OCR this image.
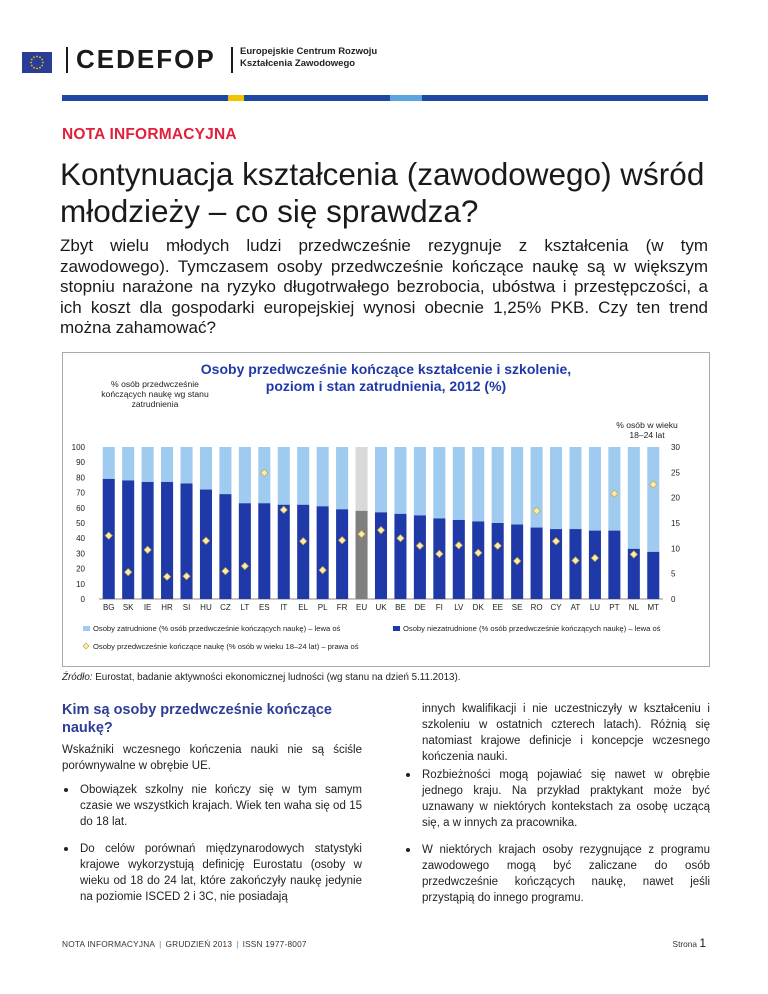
CEDEFOP	Europejskie Centrum Rozwoju
Kształcenia Zawodowego
NOTA INFORMACYJNA
Kontynuacja kształcenia (zawodowego) wśród młodzieży – co się sprawdza?
Zbyt wielu młodych ludzi przedwcześnie rezygnuje z kształcenia (w tym zawodowego). Tymczasem osoby przedwcześnie kończące naukę są w większym stopniu narażone na ryzyko długotrwałego bezrobocia, ubóstwa i przestępczości, a ich koszt dla gospodarki europejskiej wynosi obecnie 1,25% PKB. Czy ten trend można zahamować?
Osoby przedwcześnie kończące kształcenie i szkolenie,
poziom i stan zatrudnienia, 2012 (%)
% osób przedwcześnie
kończących naukę wg stanu
zatrudnienia
% osób w wieku
18–24 lat
0
10
20
30
40
50
60
70
80
90
100
0
5
10
15
20
25
30
BG SK IE HR SI HU CZ LT ES IT EL PL FR EU UK BE DE FI LV DK EE SE RO CY AT LU PT NL MT
Osoby zatrudnione (% osób przedwcześnie kończących naukę) – lewa oś	Osoby niezatrudnione (% osób przedwcześnie kończących naukę) – lewa oś
Osoby przedwcześnie kończące naukę (% osób w wieku 18–24 lat) – prawa oś
Źródło: Eurostat, badanie aktywności ekonomicznej ludności (wg stanu na dzień 5.11.2013).
Kim są osoby przedwcześnie kończące naukę?
Wskaźniki wczesnego kończenia nauki nie są ściśle porównywalne w obrębie UE.
Obowiązek szkolny nie kończy się w tym samym czasie we wszystkich krajach. Wiek ten waha się od 15 do 18 lat.
Do celów porównań międzynarodowych statystyki krajowe wykorzystują definicję Eurostatu (osoby w wieku od 18 do 24 lat, które zakończyły naukę jedynie na poziomie ISCED 2 i 3C, nie posiadają
innych kwalifikacji i nie uczestniczyły w kształceniu i szkoleniu w ostatnich czterech latach). Różnią się natomiast krajowe definicje i koncepcje wczesnego kończenia nauki.
Rozbieżności mogą pojawiać się nawet w obrębie jednego kraju. Na przykład praktykant może być uznawany w niektórych kontekstach za osobę uczącą się, a w innych za pracownika.
W niektórych krajach osoby rezygnujące z programu zawodowego mogą być zaliczane do osób przedwcześnie kończących naukę, nawet jeśli przystąpią do innego programu.
NOTA INFORMACYJNA | GRUDZIEŃ 2013 | ISSN 1977-8007	Strona 1
